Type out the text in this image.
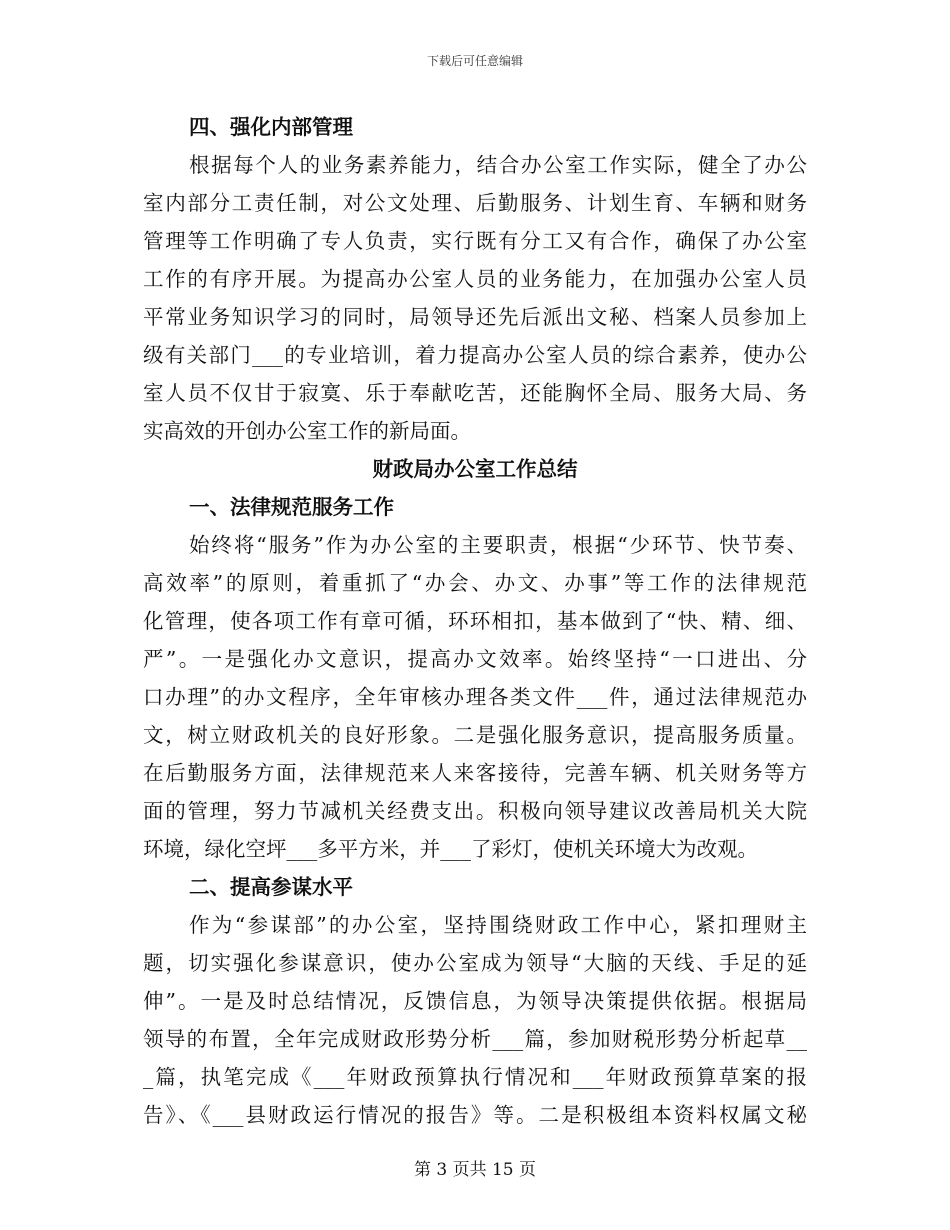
下载后可任意编辑
四、强化内部管理
根据每个人的业务素养能力，结合办公室工作实际，健全了办公
室内部分工责任制，对公文处理、后勤服务、计划生育、车辆和财务
管理等工作明确了专人负责，实行既有分工又有合作，确保了办公室
工作的有序开展。为提高办公室人员的业务能力，在加强办公室人员
平常业务知识学习的同时，局领导还先后派出文秘、档案人员参加上
级有关部门___的专业培训，着力提高办公室人员的综合素养，使办公
室人员不仅甘于寂寞、乐于奉献吃苦，还能胸怀全局、服务大局、务
实高效的开创办公室工作的新局面。
财政局办公室工作总结
一、法律规范服务工作
始终将“服务”作为办公室的主要职责，根据“少环节、快节奏、
高效率”的原则，着重抓了“办会、办文、办事”等工作的法律规范
化管理，使各项工作有章可循，环环相扣，基本做到了“快、精、细、
严”。一是强化办文意识，提高办文效率。始终坚持“一口进出、分
口办理”的办文程序，全年审核办理各类文件___件，通过法律规范办
文，树立财政机关的良好形象。二是强化服务意识，提高服务质量。
在后勤服务方面，法律规范来人来客接待，完善车辆、机关财务等方
面的管理，努力节减机关经费支出。积极向领导建议改善局机关大院
环境，绿化空坪___多平方米，并___了彩灯，使机关环境大为改观。
二、提高参谋水平
作为“参谋部”的办公室，坚持围绕财政工作中心，紧扣理财主
题，切实强化参谋意识，使办公室成为领导“大脑的天线、手足的延
伸”。一是及时总结情况，反馈信息，为领导决策提供依据。根据局
领导的布置，全年完成财政形势分析___篇，参加财税形势分析起草__
_篇，执笔完成《___年财政预算执行情况和___年财政预算草案的报
告》、《___县财政运行情况的报告》等。二是积极组本资料权属文秘
第 3 页共 15 页
